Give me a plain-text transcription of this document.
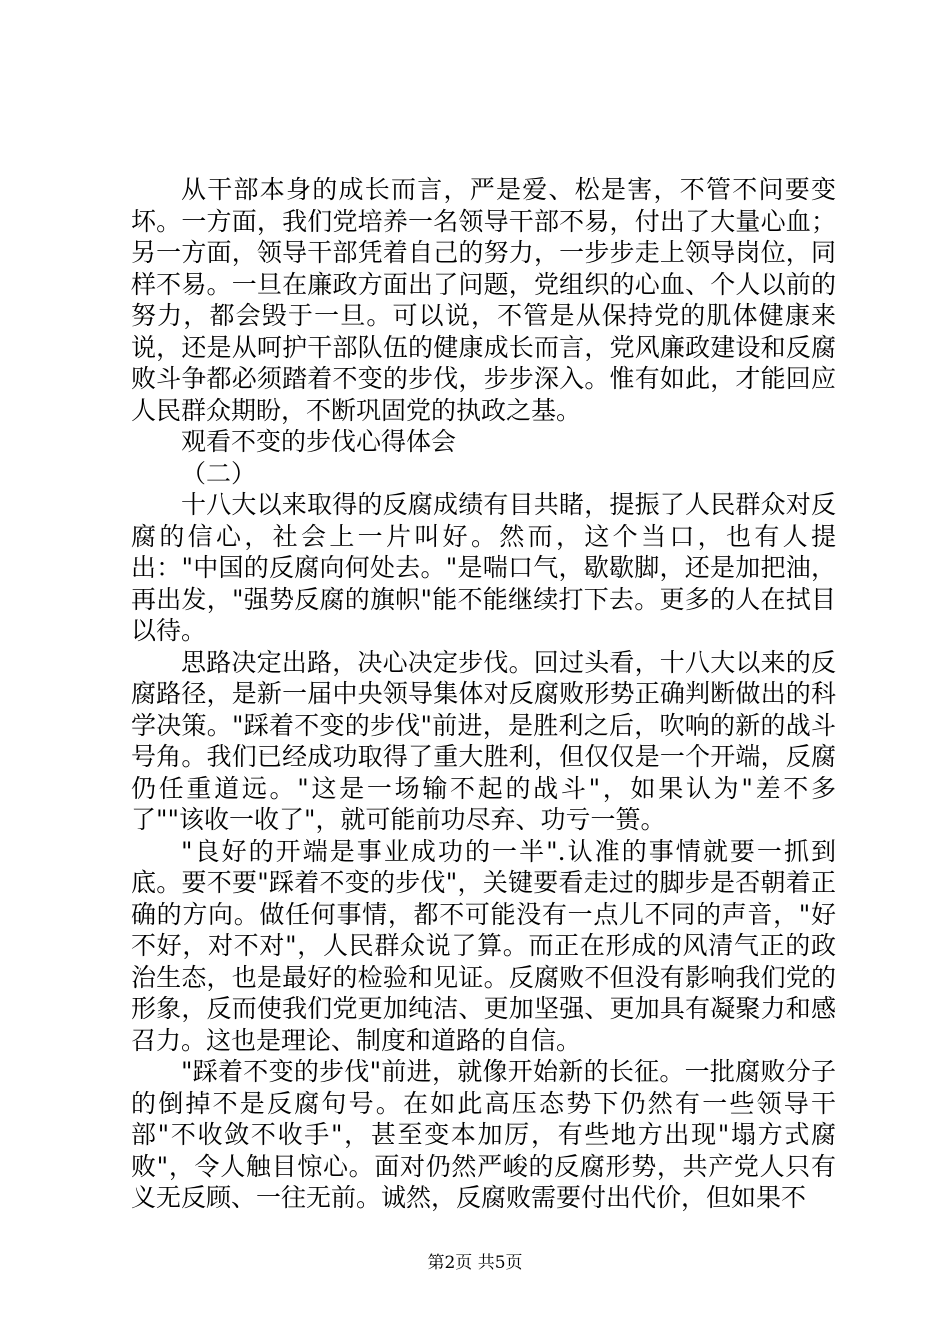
从干部本身的成长而言，严是爱、松是害，不管不问要变坏。一方面，我们党培养一名领导干部不易，付出了大量心血；另一方面，领导干部凭着自己的努力，一步步走上领导岗位，同样不易。一旦在廉政方面出了问题，党组织的心血、个人以前的努力，都会毁于一旦。可以说，不管是从保持党的肌体健康来说，还是从呵护干部队伍的健康成长而言，党风廉政建设和反腐败斗争都必须踏着不变的步伐，步步深入。惟有如此，才能回应人民群众期盼，不断巩固党的执政之基。

观看不变的步伐心得体会

（二）

十八大以来取得的反腐成绩有目共睹，提振了人民群众对反腐的信心，社会上一片叫好。然而，这个当口，也有人提出："中国的反腐向何处去。"是喘口气，歇歇脚，还是加把油，再出发，"强势反腐的旗帜"能不能继续打下去。更多的人在拭目以待。

思路决定出路，决心决定步伐。回过头看，十八大以来的反腐路径，是新一届中央领导集体对反腐败形势正确判断做出的科学决策。"踩着不变的步伐"前进，是胜利之后，吹响的新的战斗号角。我们已经成功取得了重大胜利，但仅仅是一个开端，反腐仍任重道远。"这是一场输不起的战斗"，如果认为"差不多了""该收一收了"，就可能前功尽弃、功亏一篑。

"良好的开端是事业成功的一半".认准的事情就要一抓到底。要不要"踩着不变的步伐"，关键要看走过的脚步是否朝着正确的方向。做任何事情，都不可能没有一点儿不同的声音，"好不好，对不对"，人民群众说了算。而正在形成的风清气正的政治生态，也是最好的检验和见证。反腐败不但没有影响我们党的形象，反而使我们党更加纯洁、更加坚强、更加具有凝聚力和感召力。这也是理论、制度和道路的自信。

"踩着不变的步伐"前进，就像开始新的长征。一批腐败分子的倒掉不是反腐句号。在如此高压态势下仍然有一些领导干部"不收敛不收手"，甚至变本加厉，有些地方出现"塌方式腐败"，令人触目惊心。面对仍然严峻的反腐形势，共产党人只有义无反顾、一往无前。诚然，反腐败需要付出代价，但如果不

第2页 共5页
